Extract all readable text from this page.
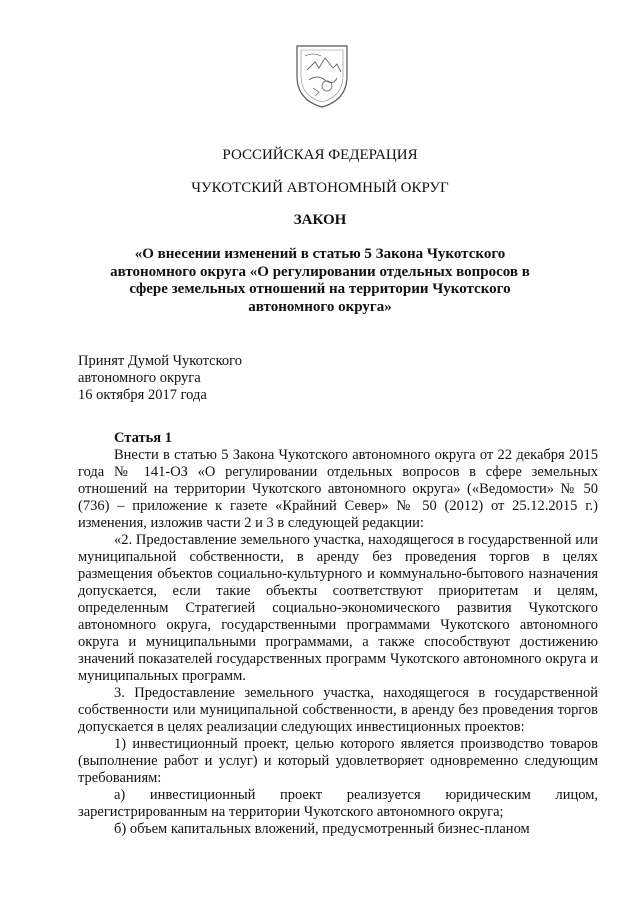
РОССИЙСКАЯ ФЕДЕРАЦИЯ

ЧУКОТСКИЙ АВТОНОМНЫЙ ОКРУГ

ЗАКОН

«О внесении изменений в статью 5 Закона Чукотского
автономного округа «О регулировании отдельных вопросов в
сфере земельных отношений на территории Чукотского
автономного округа»
Принят Думой Чукотского
автономного округа
16 октября 2017 года

Статья 1

Внести в статью 5 Закона Чукотского автономного округа от 22 декабря 2015 года № 141-ОЗ «О регулировании отдельных вопросов в сфере земельных отношений на территории Чукотского автономного округа» («Ведомости» № 50 (736) – приложение к газете «Крайний Север» № 50 (2012) от 25.12.2015 г.) изменения, изложив части 2 и 3 в следующей редакции:

«2. Предоставление земельного участка, находящегося в государственной или муниципальной собственности, в аренду без проведения торгов в целях размещения объектов социально-культурного и коммунально-бытового назначения допускается, если такие объекты соответствуют приоритетам и целям, определенным Стратегией социально-экономического развития Чукотского автономного округа, государственными программами Чукотского автономного округа и муниципальными программами, а также способствуют достижению значений показателей государственных программ Чукотского автономного округа и муниципальных программ.

3. Предоставление земельного участка, находящегося в государственной собственности или муниципальной собственности, в аренду без проведения торгов допускается в целях реализации следующих инвестиционных проектов:

1) инвестиционный проект, целью которого является производство товаров (выполнение работ и услуг) и который удовлетворяет одновременно следующим требованиям:

а) инвестиционный проект реализуется юридическим лицом, зарегистрированным на территории Чукотского автономного округа;

б) объем капитальных вложений, предусмотренный бизнес-планом
